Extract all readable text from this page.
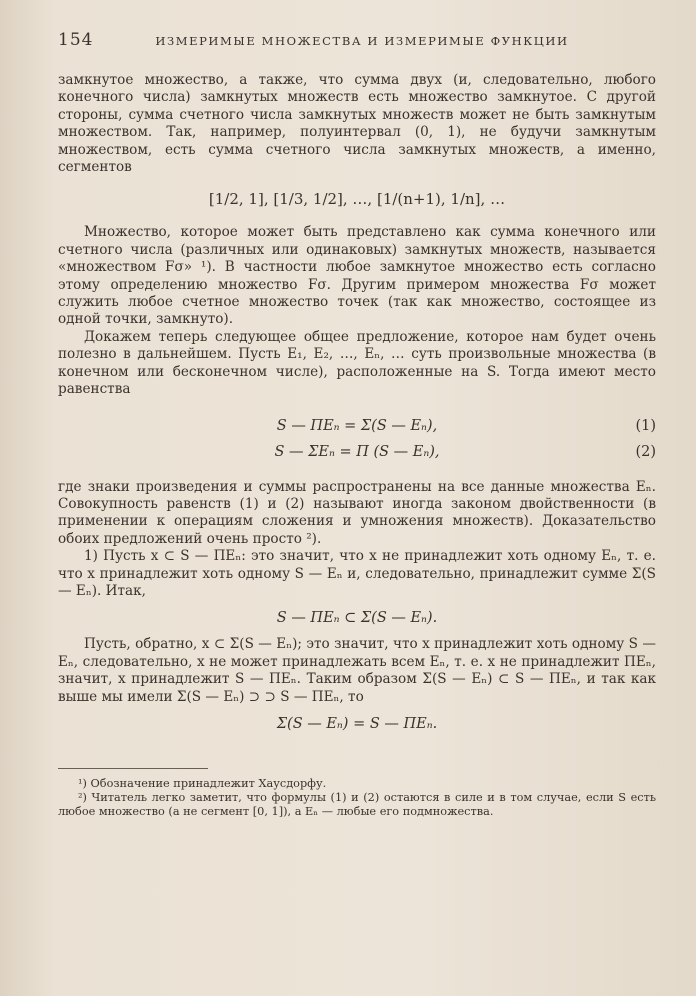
154	ИЗМЕРИМЫЕ МНОЖЕСТВА И ИЗМЕРИМЫЕ ФУНКЦИИ

замкнутое множество, а также, что сумма двух (и, следовательно, любого конечного числа) замкнутых множеств есть множество замкнутое. С другой стороны, сумма счетного числа замкнутых множеств может не быть замкнутым множеством. Так, например, полуинтервал (0, 1), не будучи замкнутым множеством, есть сумма счетного числа замкнутых множеств, а именно, сегментов

[1/2, 1], [1/3, 1/2], …, [1/(n+1), 1/n], …

Множество, которое может быть представлено как сумма конечного или счетного числа (различных или одинаковых) замкнутых множеств, называется «множеством Fσ» ¹). В частности любое замкнутое множество есть согласно этому определению множество Fσ. Другим примером множества Fσ может служить любое счетное множество точек (так как множество, состоящее из одной точки, замкнуто).

Докажем теперь следующее общее предложение, которое нам будет очень полезно в дальнейшем. Пусть E₁, E₂, …, Eₙ, … суть произвольные множества (в конечном или бесконечном числе), расположенные на S. Тогда имеют место равенства

S — ΠEₙ = Σ(S — Eₙ),	(1)
S — ΣEₙ = Π (S — Eₙ),	(2)

где знаки произведения и суммы распространены на все данные множества Eₙ. Совокупность равенств (1) и (2) называют иногда законом двойственности (в применении к операциям сложения и умножения множеств). Доказательство обоих предложений очень просто ²).

1) Пусть x ⊂ S — ΠEₙ: это значит, что x не принадлежит хоть одному Eₙ, т. е. что x принадлежит хоть одному S — Eₙ и, следовательно, принадлежит сумме Σ(S — Eₙ). Итак,

S — ΠEₙ ⊂ Σ(S — Eₙ).

Пусть, обратно, x ⊂ Σ(S — Eₙ); это значит, что x принадлежит хоть одному S — Eₙ, следовательно, x не может принадлежать всем Eₙ, т. е. x не принадлежит ΠEₙ, значит, x принадлежит S — ΠEₙ. Таким образом Σ(S — Eₙ) ⊂ S — ΠEₙ, и так как выше мы имели Σ(S — Eₙ) ⊃ ⊃ S — ΠEₙ, то

Σ(S — Eₙ) = S — ΠEₙ.

¹) Обозначение принадлежит Хаусдорфу.

²) Читатель легко заметит, что формулы (1) и (2) остаются в силе и в том случае, если S есть любое множество (а не сегмент [0, 1]), а Eₙ — любые его подмножества.
